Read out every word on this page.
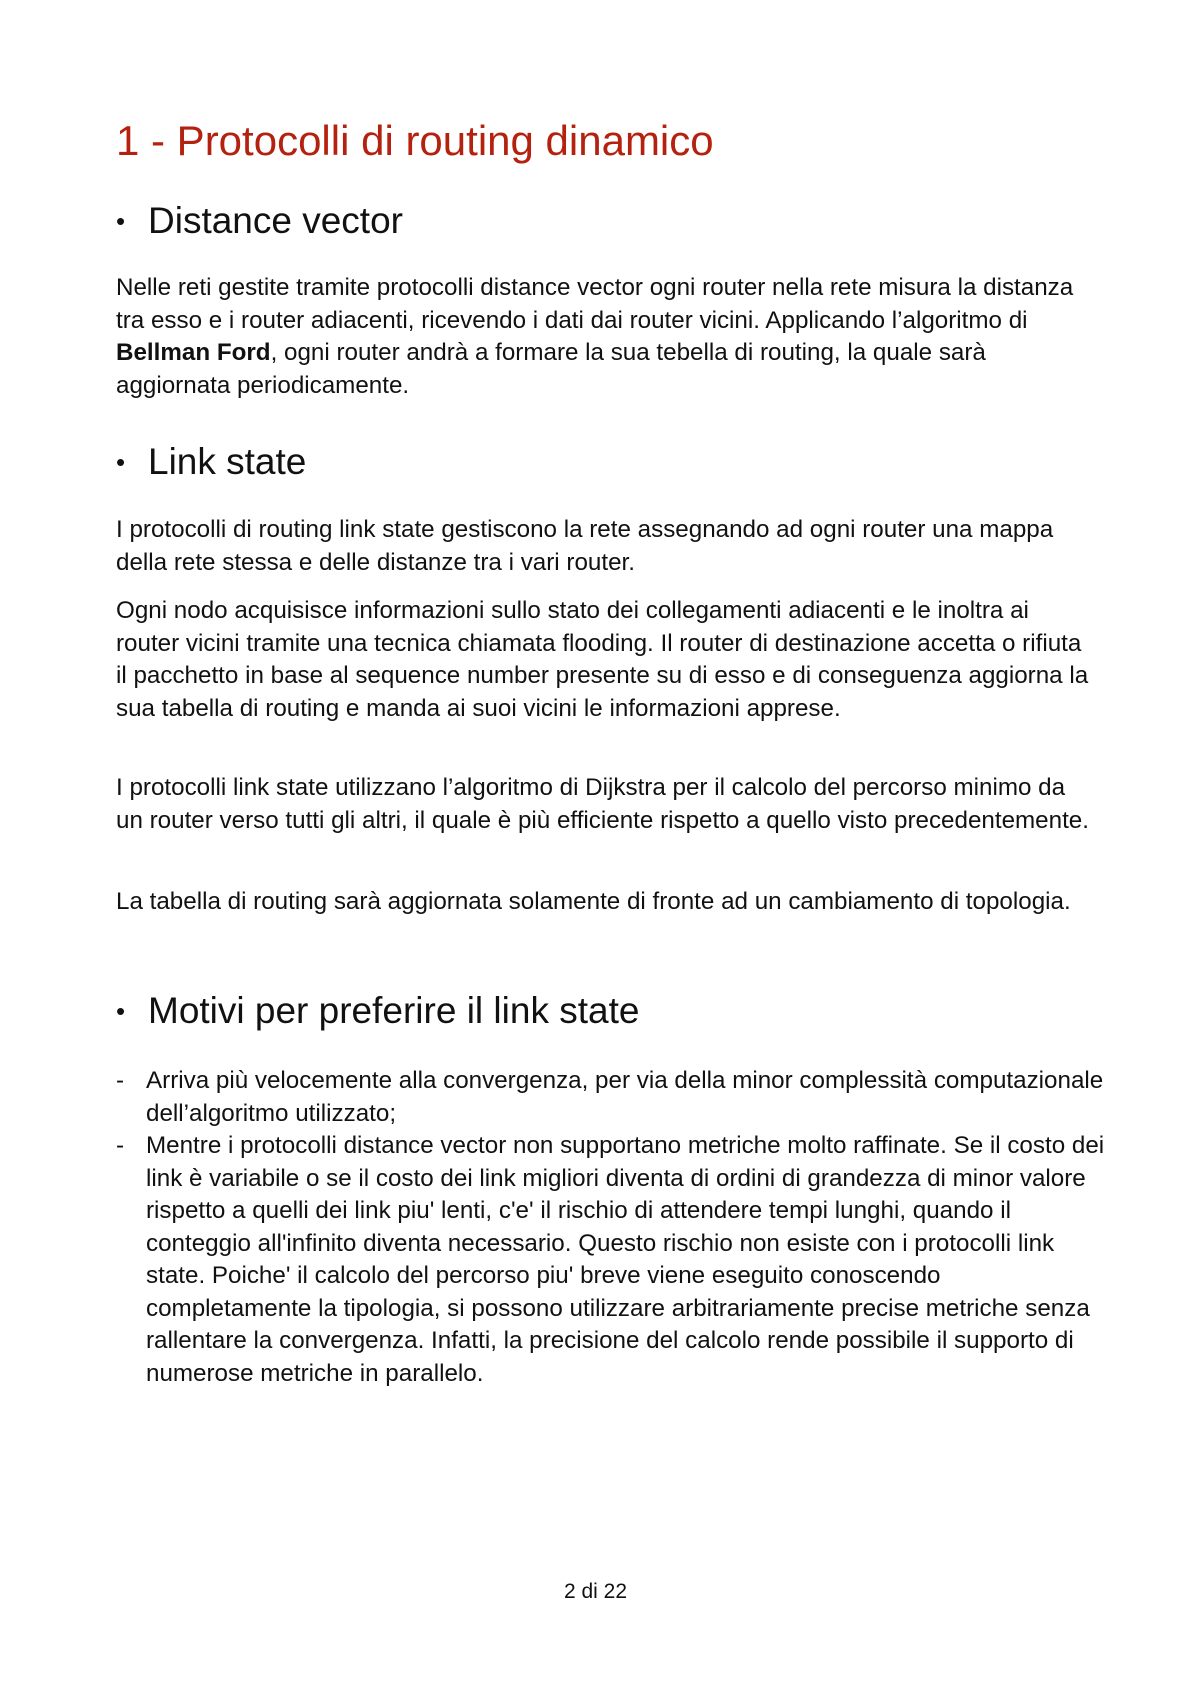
1 - Protocolli di routing dinamico
• Distance vector

Nelle reti gestite tramite protocolli distance vector ogni router nella rete misura la distanza tra esso e i router adiacenti, ricevendo i dati dai router vicini. Applicando l’algoritmo di Bellman Ford, ogni router andrà a formare la sua tebella di routing, la quale sarà aggiornata periodicamente.

• Link state

I protocolli di routing link state gestiscono la rete assegnando ad ogni router una mappa della rete stessa e delle distanze tra i vari router.

Ogni nodo acquisisce informazioni sullo stato dei collegamenti adiacenti e le inoltra ai router vicini tramite una tecnica chiamata flooding. Il router di destinazione accetta o rifiuta il pacchetto in base al sequence number presente su di esso e di conseguenza aggiorna la sua tabella di routing e manda ai suoi vicini le informazioni apprese.

I protocolli link state utilizzano l’algoritmo di Dijkstra per il calcolo del percorso minimo da un router verso tutti gli altri, il quale è più efficiente rispetto a quello visto precedentemente.

La tabella di routing sarà aggiornata solamente di fronte ad un cambiamento di topologia.

• Motivi per preferire il link state
- Arriva più velocemente alla convergenza, per via della minor complessità computazionale dell’algoritmo utilizzato;
- Mentre i protocolli distance vector non supportano metriche molto raffinate. Se il costo dei link è variabile o se il costo dei link migliori diventa di ordini di grandezza di minor valore rispetto a quelli dei link piu' lenti, c'e' il rischio di attendere tempi lunghi, quando il conteggio all'infinito diventa necessario. Questo rischio non esiste con i protocolli link state. Poiche' il calcolo del percorso piu' breve viene eseguito conoscendo completamente la tipologia, si possono utilizzare arbitrariamente precise metriche senza rallentare la convergenza. Infatti, la precisione del calcolo rende possibile il supporto di numerose metriche in parallelo.
2 di 22
